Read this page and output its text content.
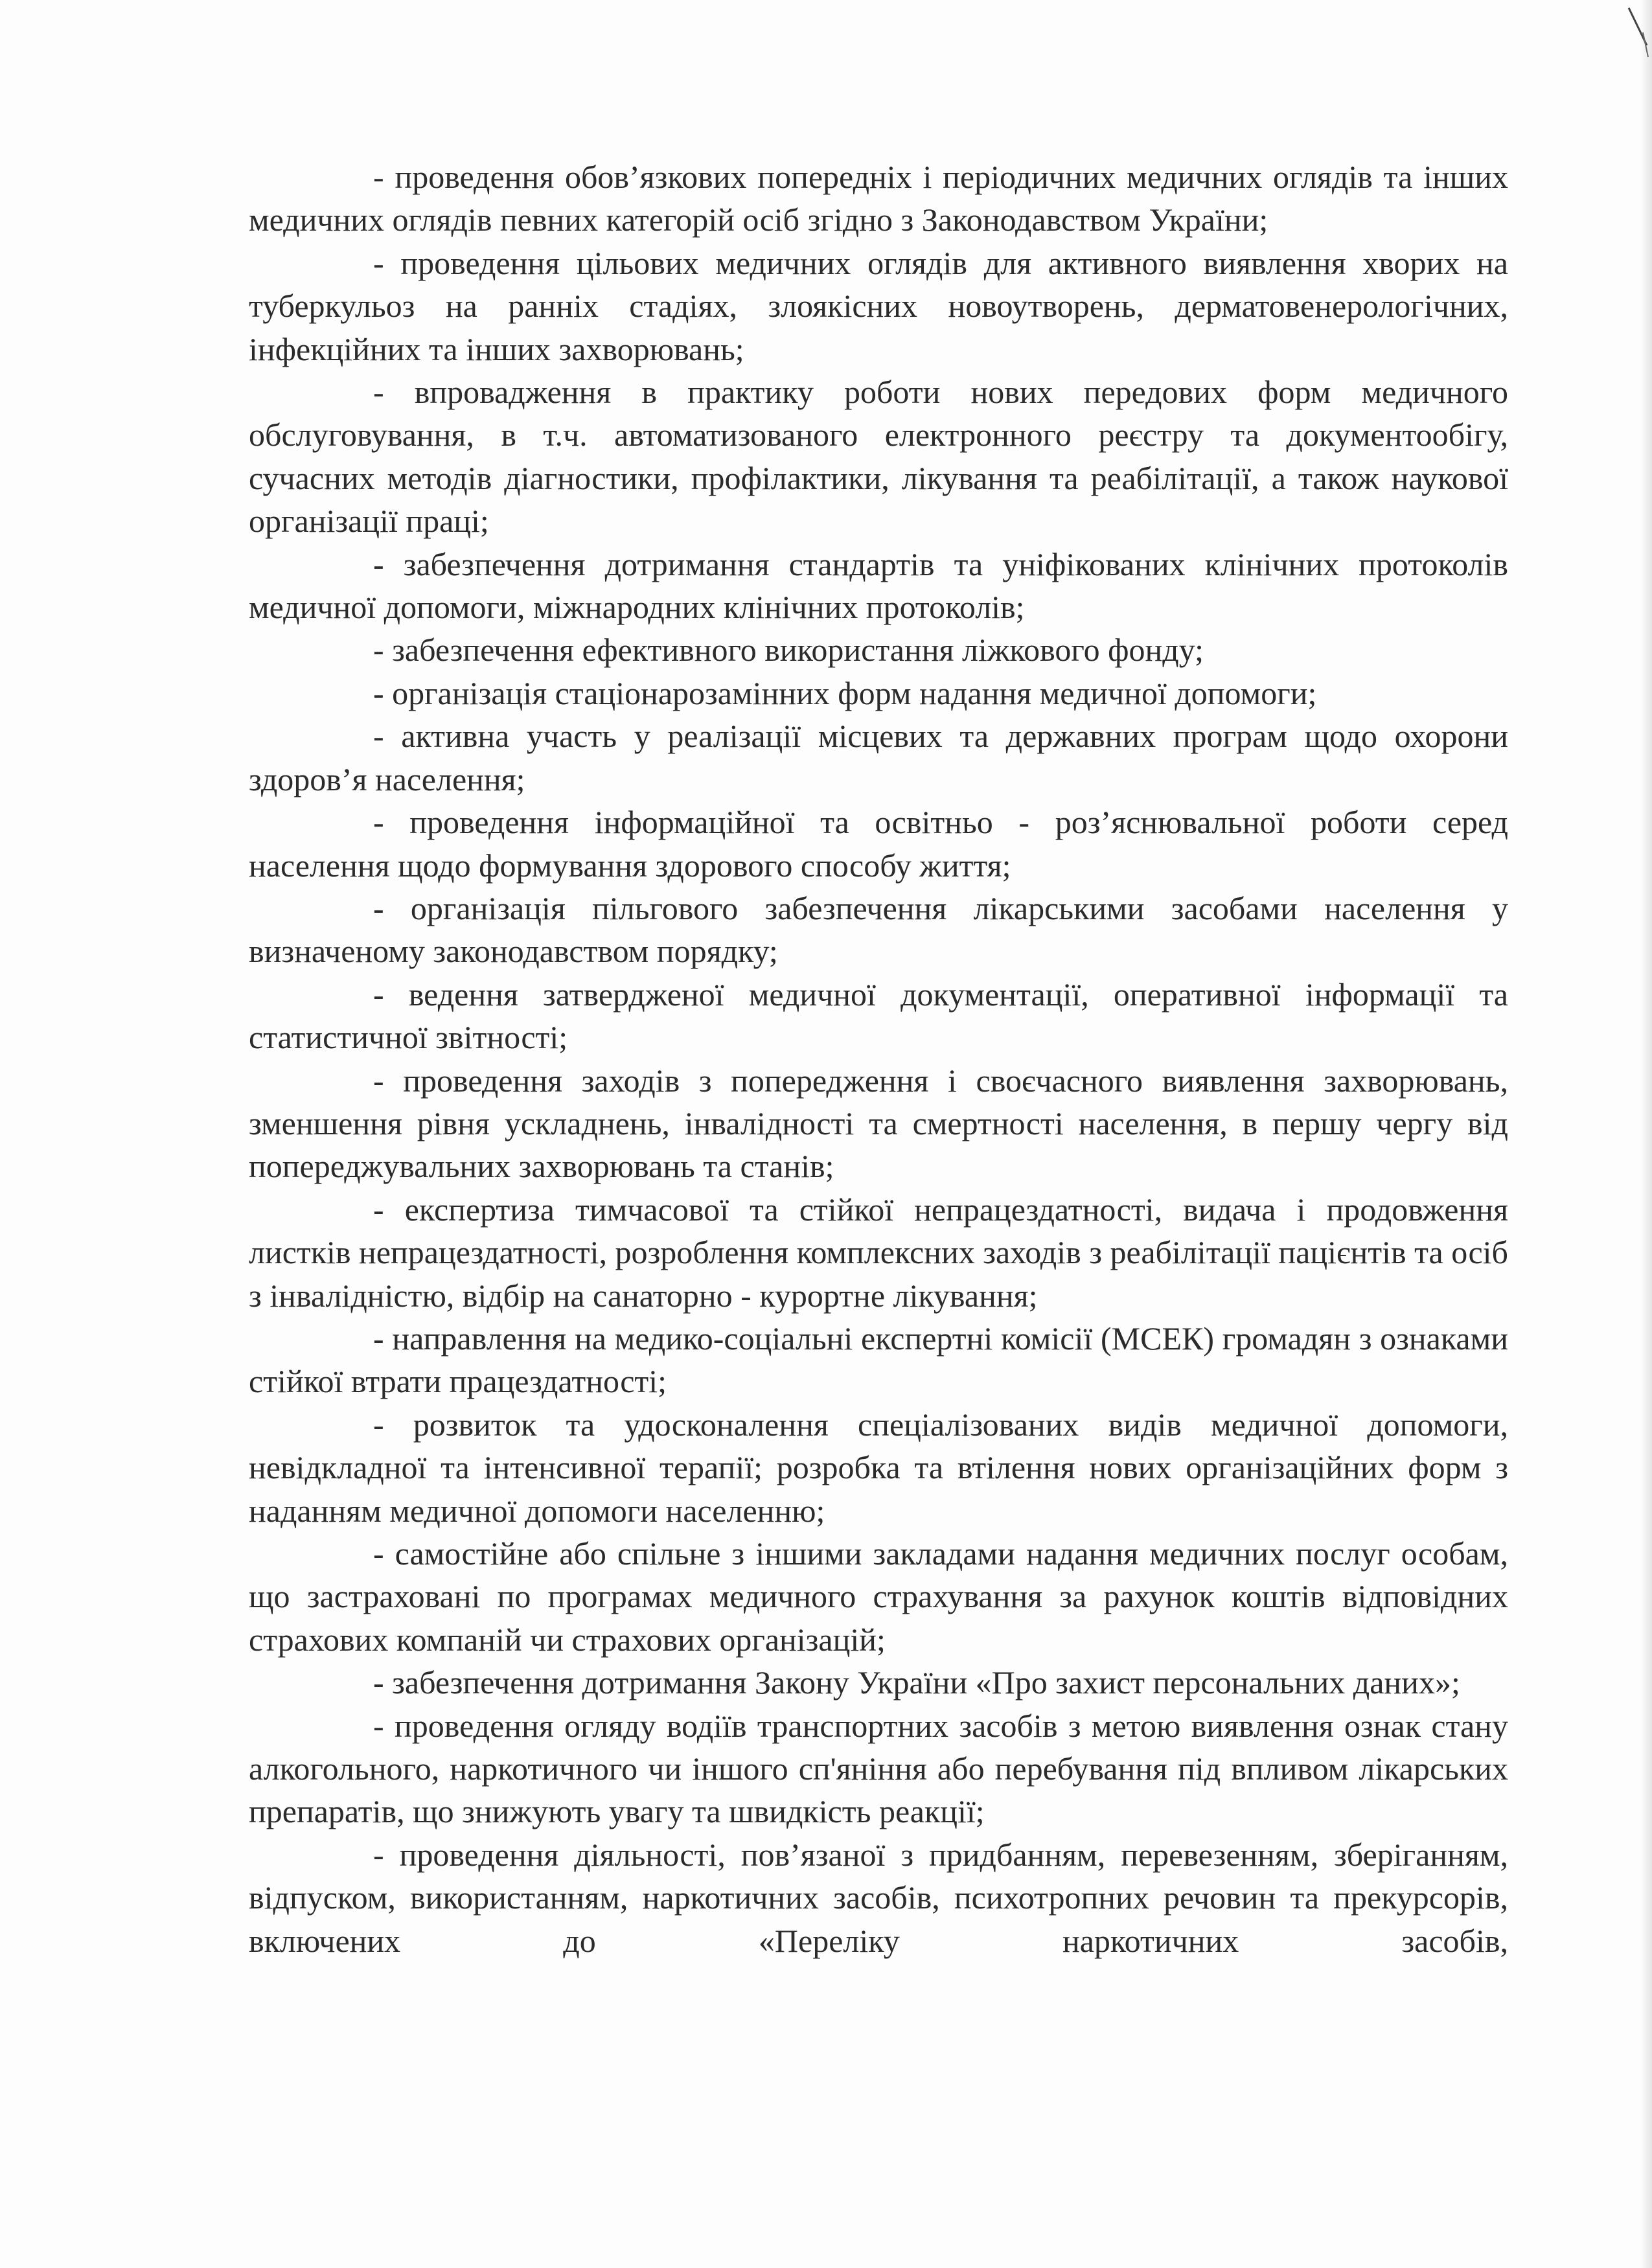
- проведення обов’язкових попередніх і періодичних медичних оглядів та інших медичних оглядів певних категорій осіб згідно з Законодавством України;

- проведення цільових медичних оглядів для активного виявлення хворих на туберкульоз на ранніх стадіях, злоякісних новоутворень, дерматовенерологічних, інфекційних та інших захворювань;

- впровадження в практику роботи нових передових форм медичного обслуговування, в т.ч. автоматизованого електронного реєстру та документообігу, сучасних методів діагностики, профілактики, лікування та реабілітації, а також наукової організації праці;

- забезпечення дотримання стандартів та уніфікованих клінічних протоколів медичної допомоги, міжнародних клінічних протоколів;

- забезпечення ефективного використання ліжкового фонду;

- організація стаціонарозамінних форм надання медичної допомоги;

- активна участь у реалізації місцевих та державних програм щодо охорони здоров’я населення;

- проведення інформаційної та освітньо - роз’яснювальної роботи серед населення щодо формування здорового способу життя;

- організація пільгового забезпечення лікарськими засобами населення у визначеному законодавством порядку;

- ведення затвердженої медичної документації, оперативної інформації та статистичної звітності;

- проведення заходів з попередження і своєчасного виявлення захворювань, зменшення рівня ускладнень, інвалідності та смертності населення, в першу чергу від попереджувальних захворювань та станів;

- експертиза тимчасової та стійкої непрацездатності, видача і продовження листків непрацездатності, розроблення комплексних заходів з реабілітації пацієнтів та осіб з інвалідністю, відбір на санаторно - курортне лікування;

- направлення на медико-соціальні експертні комісії (МСЕК) громадян з ознаками стійкої втрати працездатності;

- розвиток та удосконалення спеціалізованих видів медичної допомоги, невідкладної та інтенсивної терапії; розробка та втілення нових організаційних форм з наданням медичної допомоги населенню;

- самостійне або спільне з іншими закладами надання медичних послуг особам, що застраховані по програмах медичного страхування за рахунок коштів відповідних страхових компаній чи страхових організацій;

- забезпечення дотримання Закону України «Про захист персональних даних»;

- проведення огляду водіїв транспортних засобів з метою виявлення ознак стану алкогольного, наркотичного чи іншого сп'яніння або перебування під впливом лікарських препаратів, що знижують увагу та швидкість реакції;

- проведення діяльності, пов’язаної з придбанням, перевезенням, зберіганням, відпуском, використанням, наркотичних засобів, психотропних речовин та прекурсорів, включених до «Переліку наркотичних засобів,
